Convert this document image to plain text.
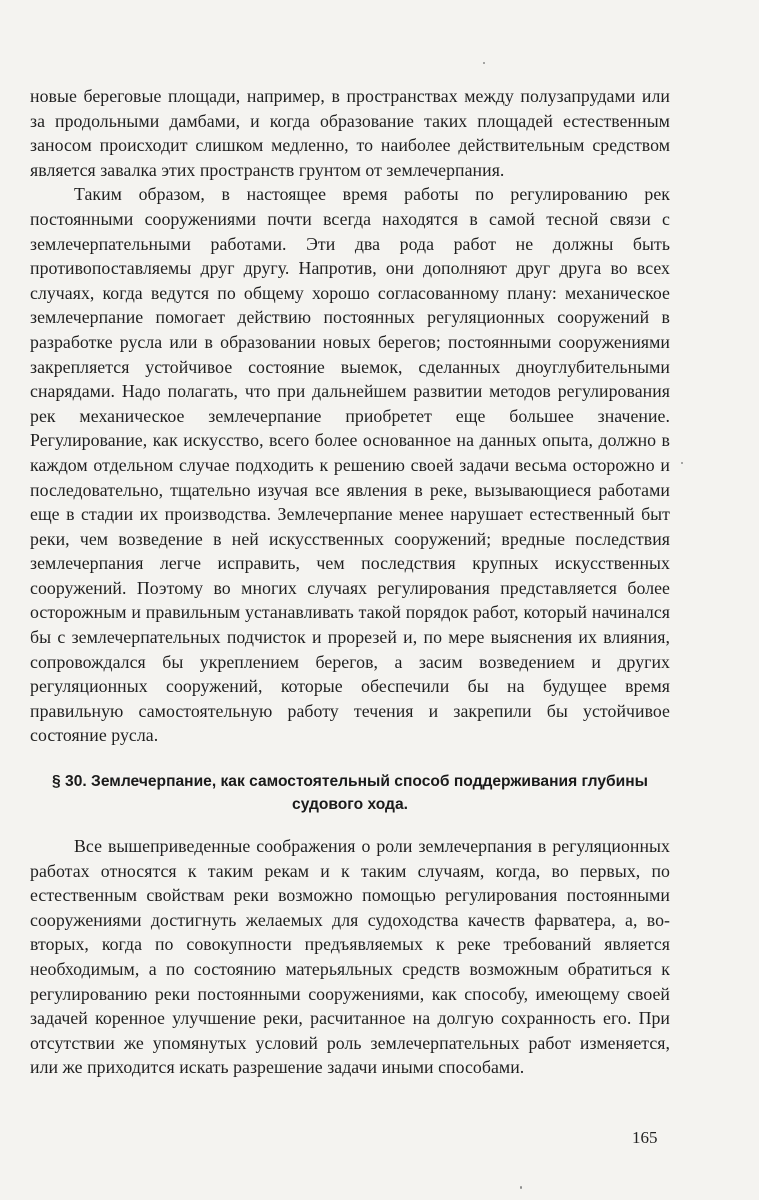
новые береговые площади, например, в пространствах между полузапрудами или за продольными дамбами, и когда образование таких площадей естественным заносом происходит слишком медленно, то наиболее действительным средством является завалка этих пространств грунтом от землечерпания.

Таким образом, в настоящее время работы по регулированию рек постоянными сооружениями почти всегда находятся в самой тесной связи с землечерпательными работами. Эти два рода работ не должны быть противопоставляемы друг другу. Напротив, они дополняют друг друга во всех случаях, когда ведутся по общему хорошо согласованному плану: механическое землечерпание помогает действию постоянных регуляционных сооружений в разработке русла или в образовании новых берегов; постоянными сооружениями закрепляется устойчивое состояние выемок, сделанных дноуглубительными снарядами. Надо полагать, что при дальнейшем развитии методов регулирования рек механическое землечерпание приобретет еще большее значение. Регулирование, как искусство, всего более основанное на данных опыта, должно в каждом отдельном случае подходить к решению своей задачи весьма осторожно и последовательно, тщательно изучая все явления в реке, вызывающиеся работами еще в стадии их производства. Землечерпание менее нарушает естественный быт реки, чем возведение в ней искусственных сооружений; вредные последствия землечерпания легче исправить, чем последствия крупных искусственных сооружений. Поэтому во многих случаях регулирования представляется более осторожным и правильным устанавливать такой порядок работ, который начинался бы с землечерпательных подчисток и прорезей и, по мере выяснения их влияния, сопровождался бы укреплением берегов, а засим возведением и других регуляционных сооружений, которые обеспечили бы на будущее время правильную самостоятельную работу течения и закрепили бы устойчивое состояние русла.

§ 30. Землечерпание, как самостоятельный способ поддерживания глубины судового хода.

Все вышеприведенные соображения о роли землечерпания в регуляционных работах относятся к таким рекам и к таким случаям, когда, во первых, по естественным свойствам реки возможно помощью регулирования постоянными сооружениями достигнуть желаемых для судоходства качеств фарватера, а, во-вторых, когда по совокупности предъявляемых к реке требований является необходимым, а по состоянию матерьяльных средств возможным обратиться к регулированию реки постоянными сооружениями, как способу, имеющему своей задачей коренное улучшение реки, расчитанное на долгую сохранность его. При отсутствии же упомянутых условий роль землечерпательных работ изменяется, или же приходится искать разрешение задачи иными способами.

165
